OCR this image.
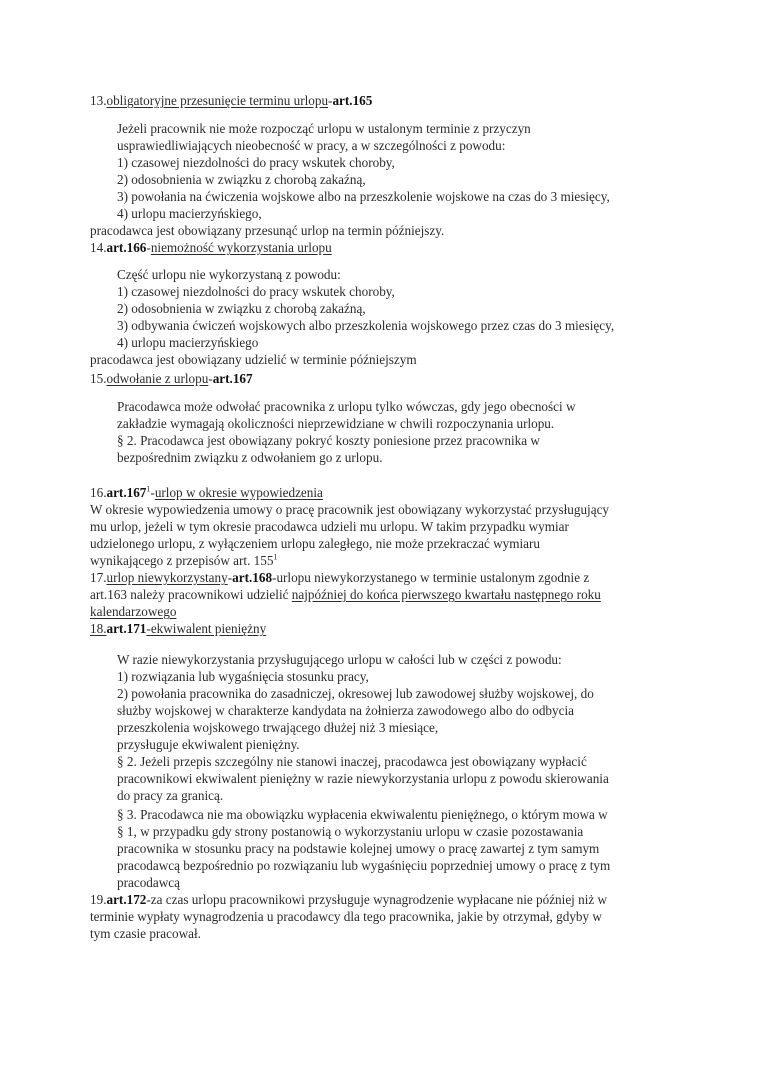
13.obligatoryjne przesunięcie terminu urlopu-art.165
Jeżeli pracownik nie może rozpocząć urlopu w ustalonym terminie z przyczyn
usprawiedliwiających nieobecność w pracy, a w szczególności z powodu:
1) czasowej niezdolności do pracy wskutek choroby,
2) odosobnienia w związku z chorobą zakaźną,
3) powołania na ćwiczenia wojskowe albo na przeszkolenie wojskowe na czas do 3 miesięcy,
4) urlopu macierzyńskiego,
pracodawca jest obowiązany przesunąć urlop na termin późniejszy.
14.art.166-niemożność wykorzystania urlopu
Część urlopu nie wykorzystaną z powodu:
1) czasowej niezdolności do pracy wskutek choroby,
2) odosobnienia w związku z chorobą zakaźną,
3) odbywania ćwiczeń wojskowych albo przeszkolenia wojskowego przez czas do 3 miesięcy,
4) urlopu macierzyńskiego
pracodawca jest obowiązany udzielić w terminie późniejszym
15.odwołanie z urlopu-art.167
Pracodawca może odwołać pracownika z urlopu tylko wówczas, gdy jego obecności w
zakładzie wymagają okoliczności nieprzewidziane w chwili rozpoczynania urlopu.
§ 2. Pracodawca jest obowiązany pokryć koszty poniesione przez pracownika w
bezpośrednim związku z odwołaniem go z urlopu.
16.art.167$^1$-urlop w okresie wypowiedzenia
W okresie wypowiedzenia umowy o pracę pracownik jest obowiązany wykorzystać przysługujący
mu urlop, jeżeli w tym okresie pracodawca udzieli mu urlopu. W takim przypadku wymiar
udzielonego urlopu, z wyłączeniem urlopu zaległego, nie może przekraczać wymiaru
wynikającego z przepisów art. $155^1$
17.urlop niewykorzystany-art.168-urlopu niewykorzystanego w terminie ustalonym zgodnie z
art.163 należy pracownikowi udzielić najpóźniej do końca pierwszego kwartału następnego roku
kalendarzowego
18.art.171-ekwiwalent pieniężny
W razie niewykorzystania przysługującego urlopu w całości lub w części z powodu:
1) rozwiązania lub wygaśnięcia stosunku pracy,
2) powołania pracownika do zasadniczej, okresowej lub zawodowej służby wojskowej, do
służby wojskowej w charakterze kandydata na żołnierza zawodowego albo do odbycia
przeszkolenia wojskowego trwającego dłużej niż 3 miesiące,
przysługuje ekwiwalent pieniężny.
§ 2. Jeżeli przepis szczególny nie stanowi inaczej, pracodawca jest obowiązany wypłacić
pracownikowi ekwiwalent pieniężny w razie niewykorzystania urlopu z powodu skierowania
do pracy za granicą.
§ 3. Pracodawca nie ma obowiązku wypłacenia ekwiwalentu pieniężnego, o którym mowa w
§ 1, w przypadku gdy strony postanowią o wykorzystaniu urlopu w czasie pozostawania
pracownika w stosunku pracy na podstawie kolejnej umowy o pracę zawartej z tym samym
pracodawcą bezpośrednio po rozwiązaniu lub wygaśnięciu poprzedniej umowy o pracę z tym
pracodawcą
19.art.172-za czas urlopu pracownikowi przysługuje wynagrodzenie wypłacane nie później niż w
terminie wypłaty wynagrodzenia u pracodawcy dla tego pracownika, jakie by otrzymał, gdyby w
tym czasie pracował.
